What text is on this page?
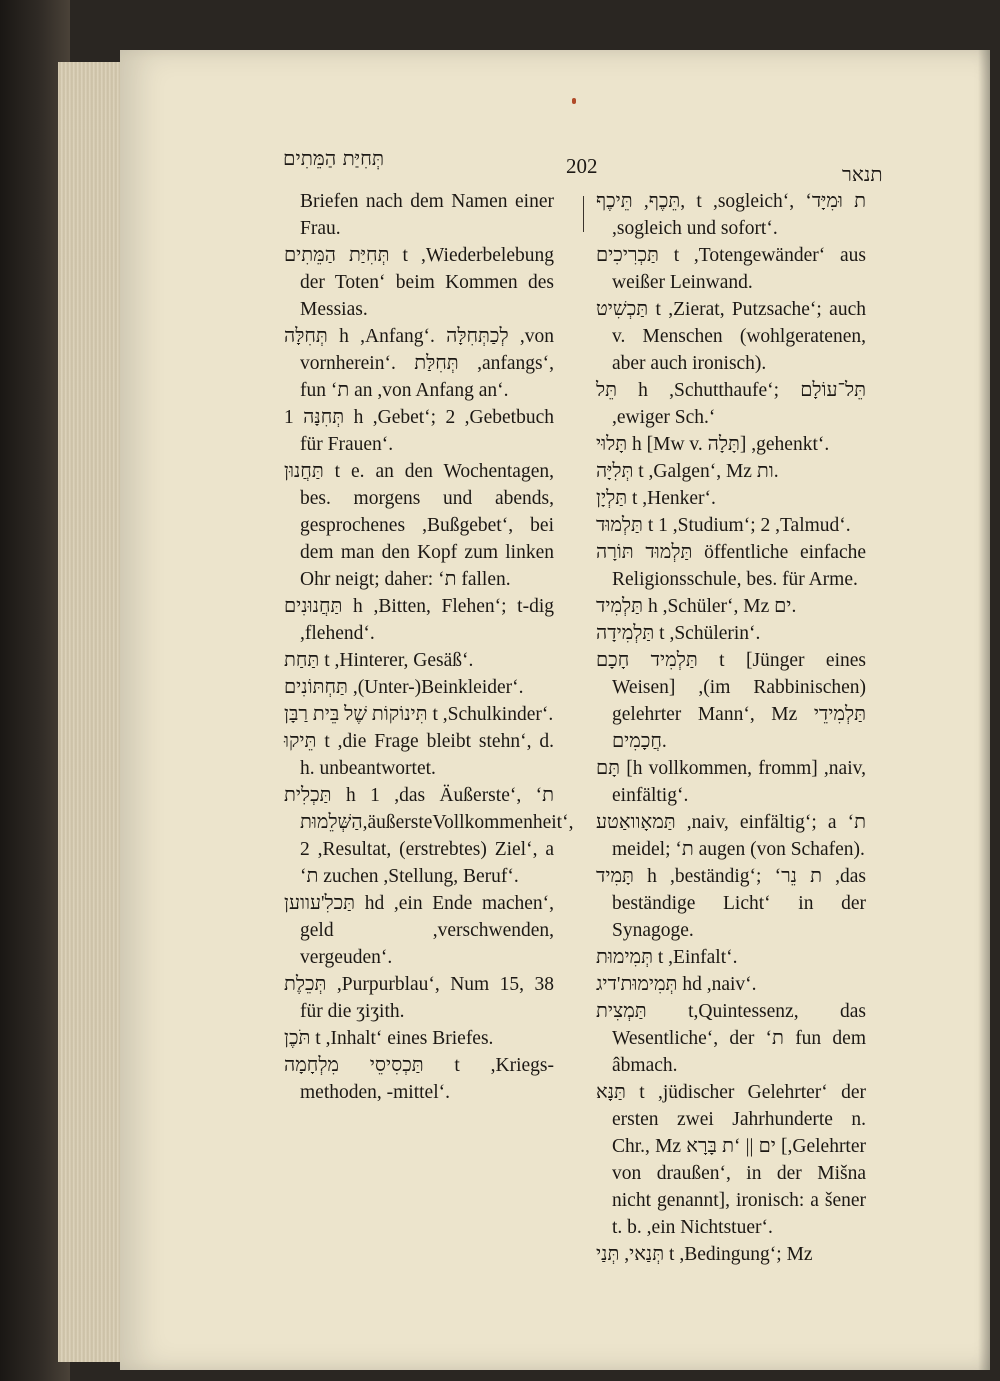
תְּחִיַּת הַמֵּתִים	202	תנאר

Briefen nach dem Namen einer Frau.

תְּחִיַּת הַמֵּתִים t ,Wiederbelebung der Toten‘ beim Kommen des Messias.

תְּחִלָּה h ,Anfang‘. לְכַתְּחִלָּה ,von vornherein‘. תְּחִלַּת ,anfangs‘, fun ‘ת an ,von Anfang an‘.

תְּחִנָּה 1 h ,Gebet‘; 2 ,Gebetbuch für Frauen‘.

תַּחֲנוּן t e. an den Wochentagen, bes. morgens und abends, gesprochenes ,Bußgebet‘, bei dem man den Kopf zum linken Ohr neigt; daher: ‘ת fallen.

תַּחֲנוּנִים h ,Bitten, Flehen‘; t-dig ,flehend‘.

תַּחַת t ,Hinterer, Gesäß‘.

תַּחְתּוֹנִים ,(Unter-)Beinkleider‘.

תִּינוֹקוֹת שֶׁל בֵּית רַבָּן t ,Schulkinder‘.

תֵּיקוּ t ,die Frage bleibt stehn‘, d. h. unbeantwortet.

תַּכְלִית h 1 ,das Äußerste‘, ‘ת הַשְּׁלֵמוּת,äußersteVollkommenheit‘, 2 ,Resultat, (erstrebtes) Ziel‘, a ‘ת zuchen ,Stellung, Beruf‘.

תַּכלִ'עווען hd ,ein Ende machen‘, geld ,verschwenden, vergeuden‘.

תְּכֵלֶת ,Purpurblau‘, Num 15, 38 für die ʒiʒith.

תֹּכֶן t ,Inhalt‘ eines Briefes.

תַּכְסִיסֵי מִלְחָמָה t ,Kriegs-methoden, -mittel‘.

תֵּכֶף, תֵּיכֶף, t ,sogleich‘, ‘ת וּמִיָּד ,sogleich und sofort‘.

תַּכְרִיכִים t ,Totengewänder‘ aus weißer Leinwand.

תַּכְשִׁיט t ,Zierat, Putzsache‘; auch v. Menschen (wohlgeratenen, aber auch ironisch).

תֵּל h ,Schutthaufe‘; תֵּל־עוֹלָם ,ewiger Sch.‘

תָּלוּי h [Mw v. תָּלָה] ,gehenkt‘.

תְּלִיָּה t ,Galgen‘, Mz ות.

תַּלְיָן t ,Henker‘.

תַּלְמוּד t 1 ,Studium‘; 2 ,Talmud‘.

תַּלְמוּד תּוֹרָה öffentliche einfache Religionsschule, bes. für Arme.

תַּלְמִיד h ,Schüler‘, Mz ים.

תַּלְמִידָה t ,Schülerin‘.

תַּלְמִיד חָכָם t [Jünger eines Weisen] ,(im Rabbinischen) gelehrter Mann‘, Mz תַּלְמִידֵי חֲכָמִים.

תָּם [h vollkommen, fromm] ,naiv, einfältig‘.

תַּמאָוואַטע ,naiv, einfältig‘; a ‘ת meidel; ‘ת augen (von Schafen).

תָּמִיד h ,beständig‘; ‘ת נֵר ,das beständige Licht‘ in der Synagoge.

תְּמִימוּת t ,Einfalt‘.

תְּמִימוּת'דיג hd ,naiv‘.

תַּמְצִית t,Quintessenz, das Wesentliche‘, der ‘ת fun dem âbmach.

תַּנָּא t ,jüdischer Gelehrter‘ der ersten zwei Jahrhunderte n. Chr., Mz ים || ‘ת בָּרָא [,Gelehrter von draußen‘, in der Mišna nicht genannt], ironisch: a šener t. b. ,ein Nichtstuer‘.

תְּנַאי, תְּנַי t ,Bedingung‘; Mz
